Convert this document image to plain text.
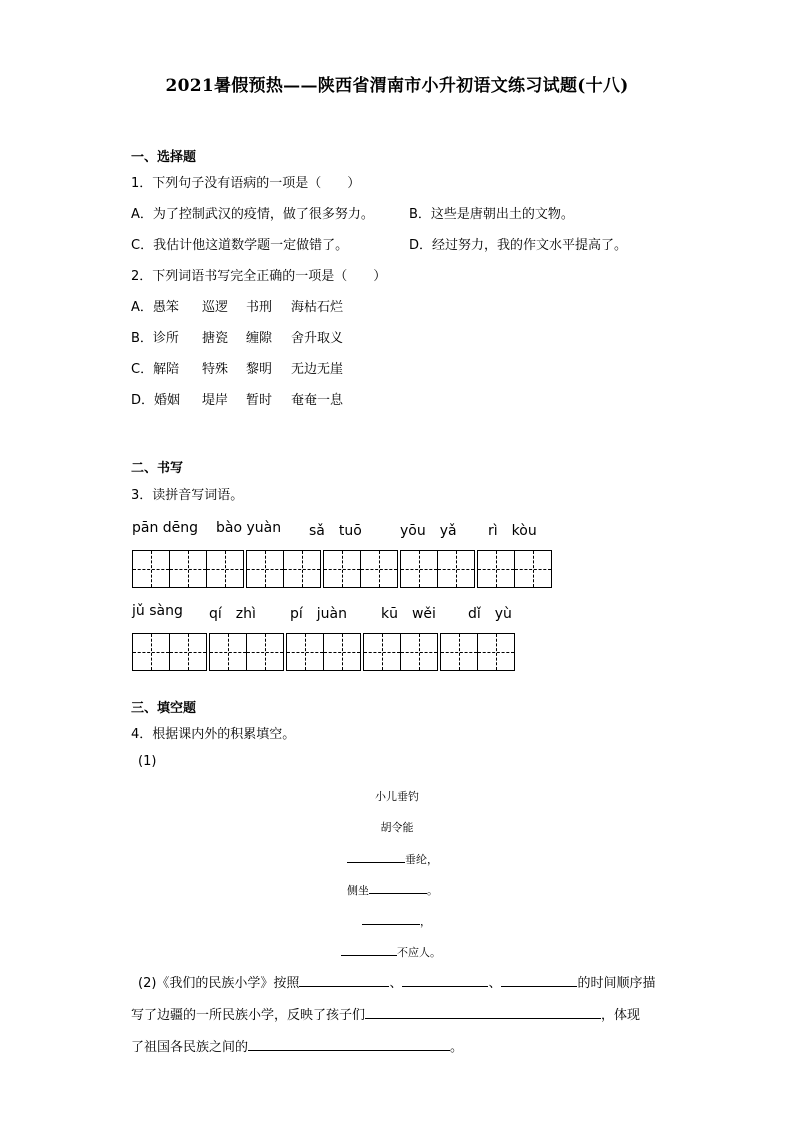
2021暑假预热——陕西省渭南市小升初语文练习试题(十八)
一、选择题
1．下列句子没有语病的一项是（　　）
A．为了控制武汉的疫情，做了很多努力。	B．这些是唐朝出土的文物。
C．我估计他这道数学题一定做错了。	D．经过努力，我的作文水平提高了。
2．下列词语书写完全正确的一项是（　　）
A．愚笨 巡逻 书刑 海枯石烂
B．诊所 搪瓷 缠隙 舍升取义
C．解陪 特殊 黎明 无边无崖
D．婚姻 堤岸 暂时 奄奄一息
二、书写
3．读拼音写词语。
pān dēng bào yuàn sǎ　tuō	yōu　yǎ rì　kòu
jǔ sàng qí　zhì pí　juàn kū　wěi dǐ　yù
三、填空题
4．根据课内外的积累填空。
(1)
小儿垂钓
胡令能
垂纶，
侧坐	。
，
不应人。
(2)《我们的民族小学》按照	、	、	的时间顺序描
写了边疆的一所民族小学，反映了孩子们	，体现
了祖国各民族之间的	。
